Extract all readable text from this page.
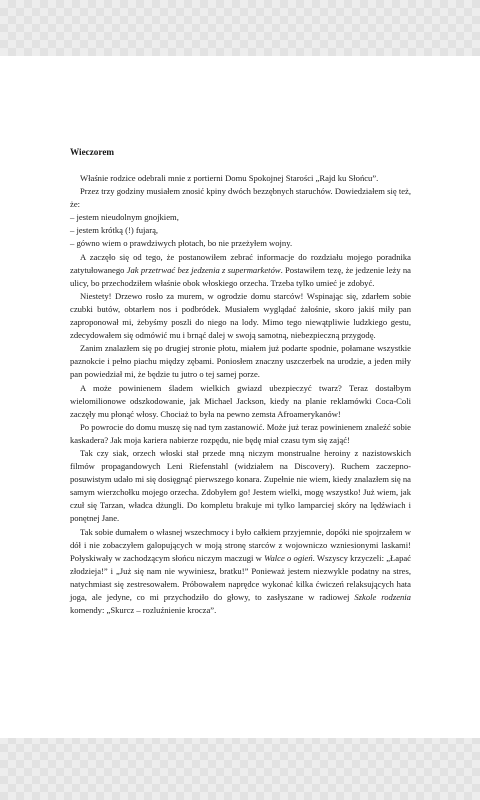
Wieczorem

Właśnie rodzice odebrali mnie z portierni Domu Spokojnej Starości „Rajd ku Słońcu”.

Przez trzy godziny musiałem znosić kpiny dwóch bezzębnych staruchów. Dowiedziałem się też, że:

– jestem nieudolnym gnojkiem,

– jestem krótką (!) fujarą,

– gówno wiem o prawdziwych płotach, bo nie przeżyłem wojny.

A zaczęło się od tego, że postanowiłem zebrać informacje do rozdziału mojego poradnika zatytułowanego Jak przetrwać bez jedzenia z supermarketów. Postawiłem tezę, że jedzenie leży na ulicy, bo przechodziłem właśnie obok włoskiego orzecha. Trzeba tylko umieć je zdobyć.

Niestety! Drzewo rosło za murem, w ogrodzie domu starców! Wspinając się, zdarłem sobie czubki butów, obtarłem nos i podbródek. Musiałem wyglądać żałośnie, skoro jakiś miły pan zaproponował mi, żebyśmy poszli do niego na lody. Mimo tego niewątpliwie ludzkiego gestu, zdecydowałem się odmówić mu i brnąć dalej w swoją samotną, niebezpieczną przygodę.

Zanim znalazłem się po drugiej stronie płotu, miałem już podarte spodnie, połamane wszystkie paznokcie i pełno piachu między zębami. Poniosłem znaczny uszczerbek na urodzie, a jeden miły pan powiedział mi, że będzie tu jutro o tej samej porze.

A może powinienem śladem wielkich gwiazd ubezpieczyć twarz? Teraz dostałbym wielomilionowe odszkodowanie, jak Michael Jackson, kiedy na planie reklamówki Coca-Coli zaczęły mu płonąć włosy. Chociaż to była na pewno zemsta Afroamerykanów!

Po powrocie do domu muszę się nad tym zastanowić. Może już teraz powinienem znaleźć sobie kaskadera? Jak moja kariera nabierze rozpędu, nie będę miał czasu tym się zająć!

Tak czy siak, orzech włoski stał przede mną niczym monstrualne heroiny z nazistowskich filmów propagandowych Leni Riefenstahl (widziałem na Discovery). Ruchem zaczepno-posuwistym udało mi się dosięgnąć pierwszego konara. Zupełnie nie wiem, kiedy znalazłem się na samym wierzchołku mojego orzecha. Zdobyłem go! Jestem wielki, mogę wszystko! Już wiem, jak czuł się Tarzan, władca dżungli. Do kompletu brakuje mi tylko lamparciej skóry na lędźwiach i ponętnej Jane.

Tak sobie dumałem o własnej wszechmocy i było całkiem przyjemnie, dopóki nie spojrzałem w dół i nie zobaczyłem galopujących w moją stronę starców z wojowniczo wzniesionymi laskami! Połyskiwały w zachodzącym słońcu niczym maczugi w Walce o ogień. Wszyscy krzyczeli: „Łapać złodzieja!” i „Już się nam nie wywiniesz, bratku!” Ponieważ jestem niezwykle podatny na stres, natychmiast się zestresowałem. Próbowałem naprędce wykonać kilka ćwiczeń relaksujących hata joga, ale jedyne, co mi przychodziło do głowy, to zasłyszane w radiowej Szkole rodzenia komendy: „Skurcz – rozluźnienie krocza”.
